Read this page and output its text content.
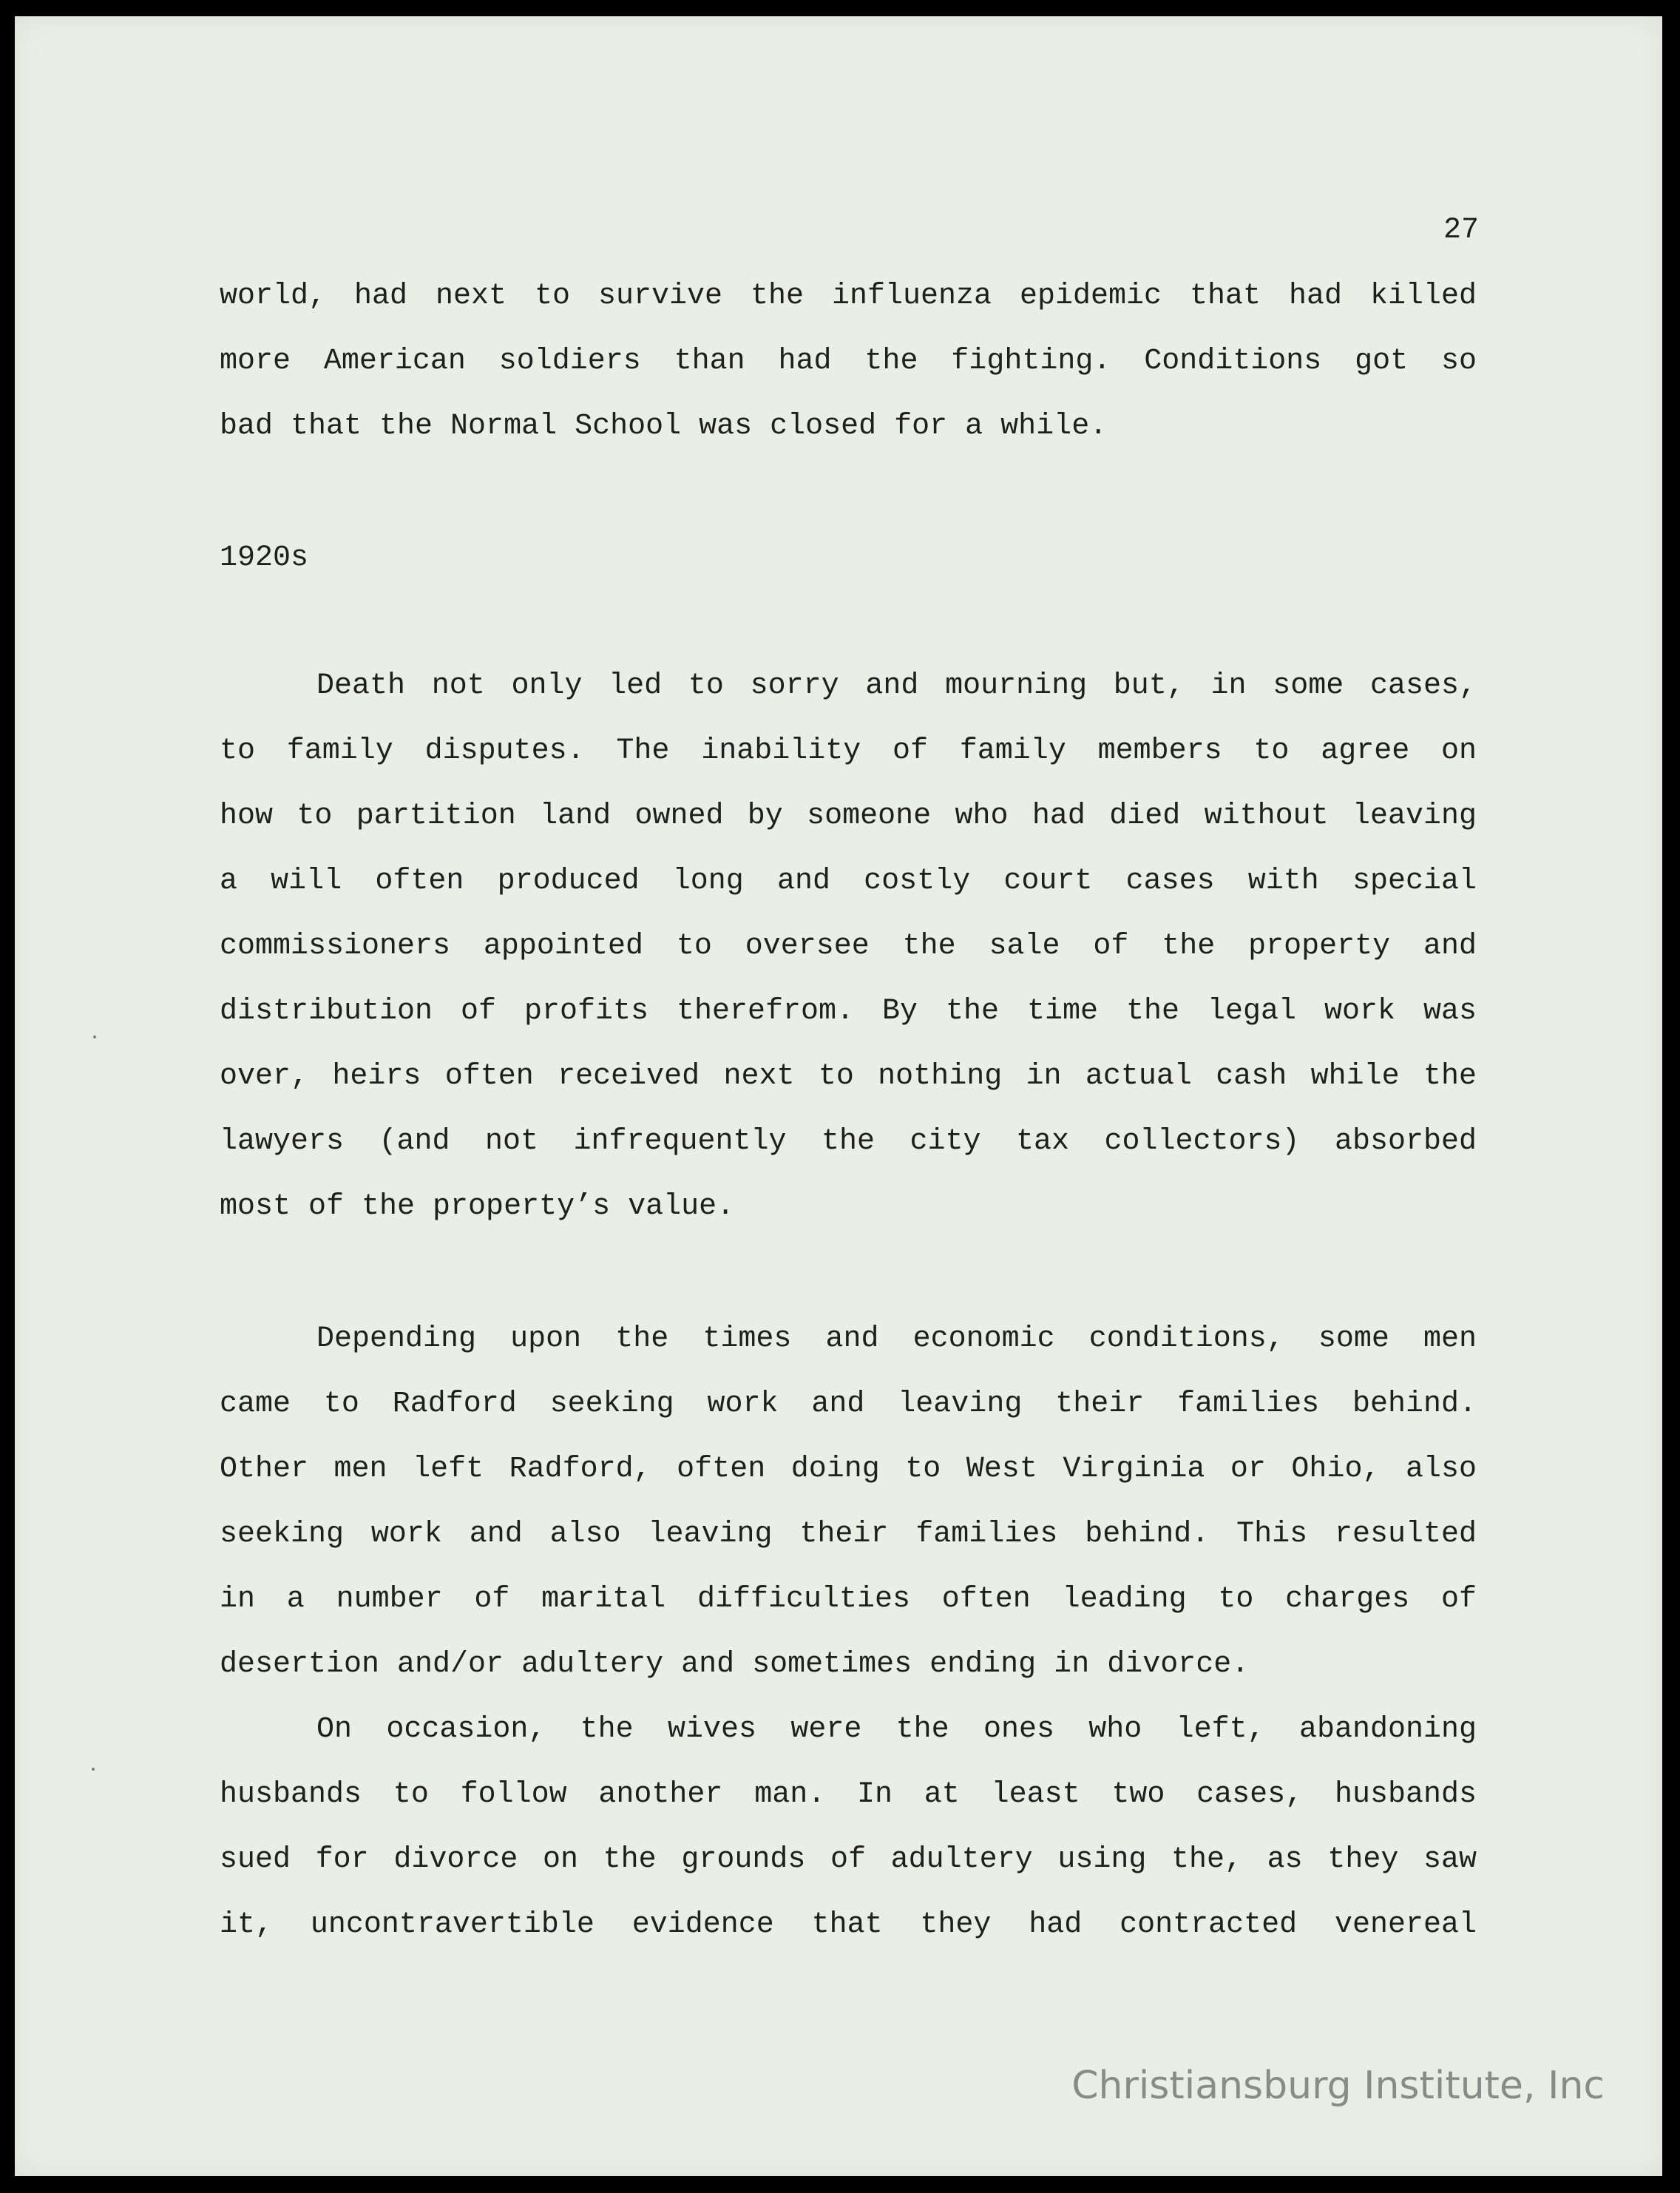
27
world, had next to survive the influenza epidemic that had killed
more American soldiers than had the fighting. Conditions got so
bad that the Normal School was closed for a while.
1920s
Death not only led to sorry and mourning but, in some cases,
to family disputes. The inability of family members to agree on
how to partition land owned by someone who had died without leaving
a will often produced long and costly court cases with special
commissioners appointed to oversee the sale of the property and
distribution of profits therefrom. By the time the legal work was
over, heirs often received next to nothing in actual cash while the
lawyers (and not infrequently the city tax collectors) absorbed
most of the property’s value.
Depending upon the times and economic conditions, some men
came to Radford seeking work and leaving their families behind.
Other men left Radford, often doing to West Virginia or Ohio, also
seeking work and also leaving their families behind. This resulted
in a number of marital difficulties often leading to charges of
desertion and/or adultery and sometimes ending in divorce.
On occasion, the wives were the ones who left, abandoning
husbands to follow another man. In at least two cases, husbands
sued for divorce on the grounds of adultery using the, as they saw
it, uncontravertible evidence that they had contracted venereal
Christiansburg Institute, Inc
